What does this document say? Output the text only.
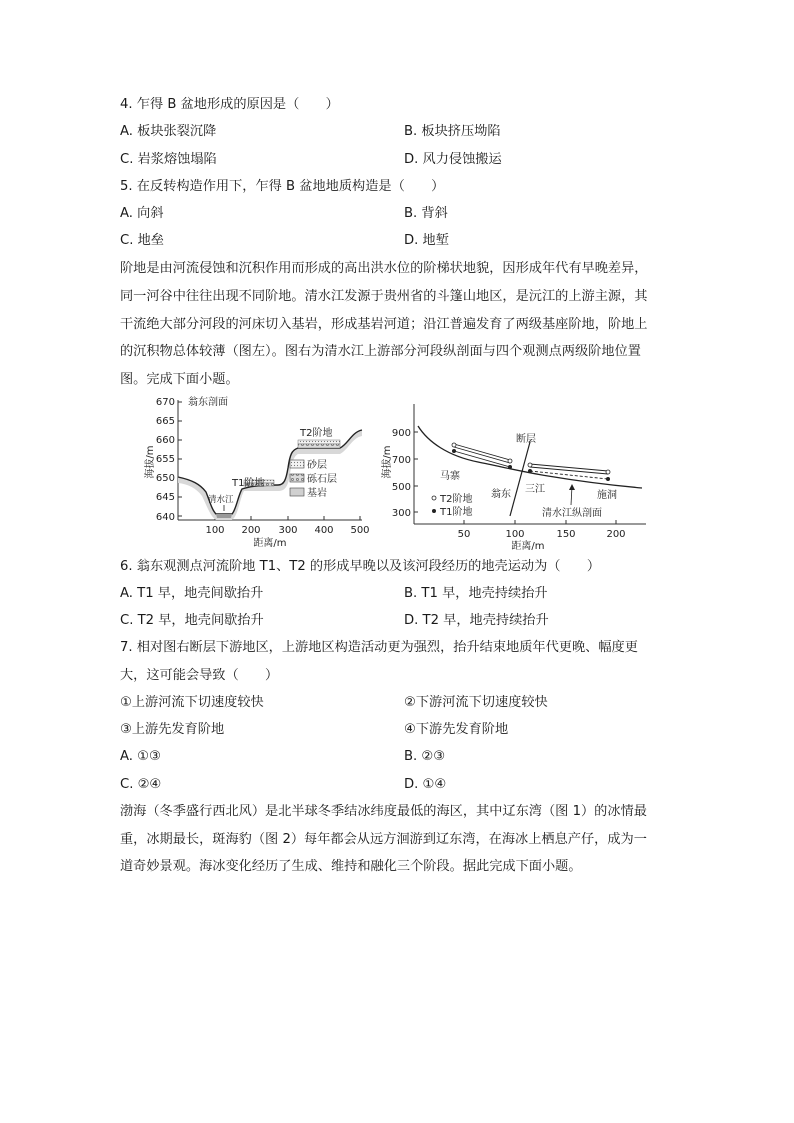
4. 乍得 B 盆地形成的原因是（　　）
A. 板块张裂沉降	B. 板块挤压坳陷
C. 岩浆熔蚀塌陷	D. 风力侵蚀搬运
5. 在反转构造作用下，乍得 B 盆地地质构造是（　　）
A. 向斜	B. 背斜
C. 地垒	D. 地堑
阶地是由河流侵蚀和沉积作用而形成的高出洪水位的阶梯状地貌，因形成年代有早晚差异，
同一河谷中往往出现不同阶地。清水江发源于贵州省的斗篷山地区，是沅江的上游主源，其
干流绝大部分河段的河床切入基岩，形成基岩河道；沿江普遍发育了两级基座阶地，阶地上
的沉积物总体较薄（图左）。图右为清水江上游部分河段纵剖面与四个观测点两级阶地位置
图。完成下面小题。
670
665
660
655
650
645
640
100 200 300 400 500
海拔/m
距离/m
翁东剖面
清水江
T1阶地
T2阶地
砂层
砾石层
基岩
900
700
500
300
50	100	150	200
海拔/m
距离/m
断层
马寨
翁东 三江
施洞
T2阶地
T1阶地	清水江纵剖面
6. 翁东观测点河流阶地 T1、T2 的形成早晚以及该河段经历的地壳运动为（　　）
A. T1 早，地壳间歇抬升	B. T1 早，地壳持续抬升
C. T2 早，地壳间歇抬升	D. T2 早，地壳持续抬升
7. 相对图右断层下游地区，上游地区构造活动更为强烈，抬升结束地质年代更晚、幅度更
大，这可能会导致（　　）
①上游河流下切速度较快	②下游河流下切速度较快
③上游先发育阶地	④下游先发育阶地
A. ①③	B. ②③
C. ②④	D. ①④
渤海（冬季盛行西北风）是北半球冬季结冰纬度最低的海区，其中辽东湾（图 1）的冰情最
重，冰期最长，斑海豹（图 2）每年都会从远方洄游到辽东湾，在海冰上栖息产仔，成为一
道奇妙景观。海冰变化经历了生成、维持和融化三个阶段。据此完成下面小题。
